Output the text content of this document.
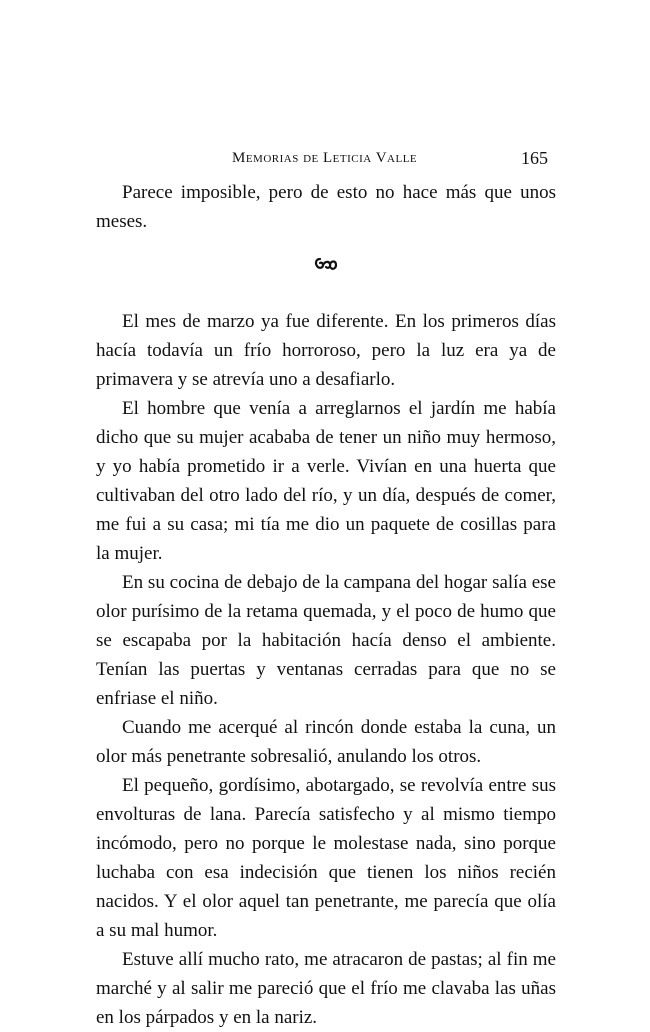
Memorias de Leticia Valle	165

Parece imposible, pero de esto no hace más que unos meses.

El mes de marzo ya fue diferente. En los primeros días hacía todavía un frío horroroso, pero la luz era ya de primavera y se atrevía uno a desafiarlo.

El hombre que venía a arreglarnos el jardín me había dicho que su mujer acababa de tener un niño muy hermoso, y yo había prometido ir a verle. Vivían en una huerta que cultivaban del otro lado del río, y un día, después de comer, me fui a su casa; mi tía me dio un paquete de cosillas para la mujer.

En su cocina de debajo de la campana del hogar salía ese olor purísimo de la retama quemada, y el poco de humo que se escapaba por la habitación hacía denso el ambiente. Tenían las puertas y ventanas cerradas para que no se enfriase el niño.

Cuando me acerqué al rincón donde estaba la cuna, un olor más penetrante sobresalió, anulando los otros.

El pequeño, gordísimo, abotargado, se revolvía entre sus envolturas de lana. Parecía satisfecho y al mismo tiempo incómodo, pero no porque le molestase nada, sino porque luchaba con esa indecisión que tienen los niños recién nacidos. Y el olor aquel tan penetrante, me parecía que olía a su mal humor.

Estuve allí mucho rato, me atracaron de pastas; al fin me marché y al salir me pareció que el frío me clavaba las uñas en los párpados y en la nariz.
